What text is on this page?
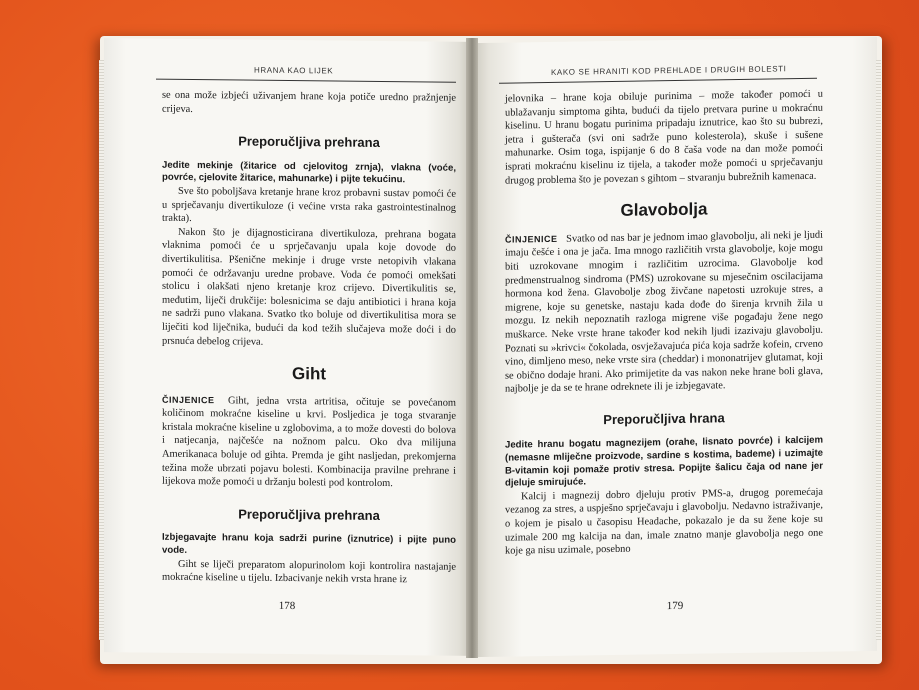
HRANA KAO LIJEK

se ona može izbjeći uživanjem hrane koja potiče uredno pražnjenje crijeva.

Preporučljiva prehrana

Jedite mekinje (žitarice od cjelovitog zrnja), vlakna (voće, povrće, cjelovite žitarice, mahunarke) i pijte tekućinu.

Sve što poboljšava kretanje hrane kroz probavni sustav pomoći će u sprječavanju divertikuloze (i većine vrsta raka gastrointestinalnog trakta).

Nakon što je dijagnosticirana divertikuloza, prehrana bogata vlaknima pomoći će u sprječavanju upala koje dovode do divertikulitisa. Pšenične mekinje i druge vrste netopivih vlakana pomoći će održavanju uredne probave. Voda će pomoći omekšati stolicu i olakšati njeno kretanje kroz crijevo. Divertikulitis se, međutim, liječi drukčije: bolesnicima se daju antibiotici i hrana koja ne sadrži puno vlakana. Svatko tko boluje od divertikulitisa mora se liječiti kod liječnika, budući da kod težih slučajeva može doći i do prsnuća debelog crijeva.

Giht

ČINJENICE Giht, jedna vrsta artritisa, očituje se povećanom količinom mokraćne kiseline u krvi. Posljedica je toga stvaranje kristala mokraćne kiseline u zglobovima, a to može dovesti do bolova i natjecanja, najčešće na nožnom palcu. Oko dva milijuna Amerikanaca boluje od gihta. Premda je giht nasljedan, prekomjerna težina može ubrzati pojavu bolesti. Kombinacija pravilne prehrane i lijekova može pomoći u držanju bolesti pod kontrolom.

Preporučljiva prehrana

Izbjegavajte hranu koja sadrži purine (iznutrice) i pijte puno vode.

Giht se liječi preparatom alopurinolom koji kontrolira nastajanje mokraćne kiseline u tijelu. Izbacivanje nekih vrsta hrane iz

178
KAKO SE HRANITI KOD PREHLADE I DRUGIH BOLESTI

jelovnika – hrane koja obiluje purinima – može također pomoći u ublažavanju simptoma gihta, budući da tijelo pretvara purine u mokraćnu kiselinu. U hranu bogatu purinima pripadaju iznutrice, kao što su bubrezi, jetra i gušterača (svi oni sadrže puno kolesterola), skuše i sušene mahunarke. Osim toga, ispijanje 6 do 8 čaša vode na dan može pomoći isprati mokraćnu kiselinu iz tijela, a također može pomoći u sprječavanju drugog problema što je povezan s gihtom – stvaranju bubrežnih kamenaca.

Glavobolja

ČINJENICE Svatko od nas bar je jednom imao glavobolju, ali neki je ljudi imaju češće i ona je jača. Ima mnogo različitih vrsta glavobolje, koje mogu biti uzrokovane mnogim i različitim uzrocima. Glavobolje kod predmenstrualnog sindroma (PMS) uzrokovane su mjesečnim oscilacijama hormona kod žena. Glavobolje zbog živčane napetosti uzrokuje stres, a migrene, koje su genetske, nastaju kada dođe do širenja krvnih žila u mozgu. Iz nekih nepoznatih razloga migrene više pogađaju žene nego muškarce. Neke vrste hrane također kod nekih ljudi izazivaju glavobolju. Poznati su »krivci« čokolada, osvježavajuća pića koja sadrže kofein, crveno vino, dimljeno meso, neke vrste sira (cheddar) i mononatrijev glutamat, koji se obično dodaje hrani. Ako primijetite da vas nakon neke hrane boli glava, najbolje je da se te hrane odreknete ili je izbjegavate.

Preporučljiva hrana

Jedite hranu bogatu magnezijem (orahe, lisnato povrće) i kalcijem (nemasne mliječne proizvode, sardine s kostima, bademe) i uzimajte B-vitamin koji pomaže protiv stresa. Popijte šalicu čaja od nane jer djeluje smirujuće.

Kalcij i magnezij dobro djeluju protiv PMS-a, drugog poremećaja vezanog za stres, a uspješno sprječavaju i glavobolju. Nedavno istraživanje, o kojem je pisalo u časopisu Headache, pokazalo je da su žene koje su uzimale 200 mg kalcija na dan, imale znatno manje glavobolja nego one koje ga nisu uzimale, posebno

179
